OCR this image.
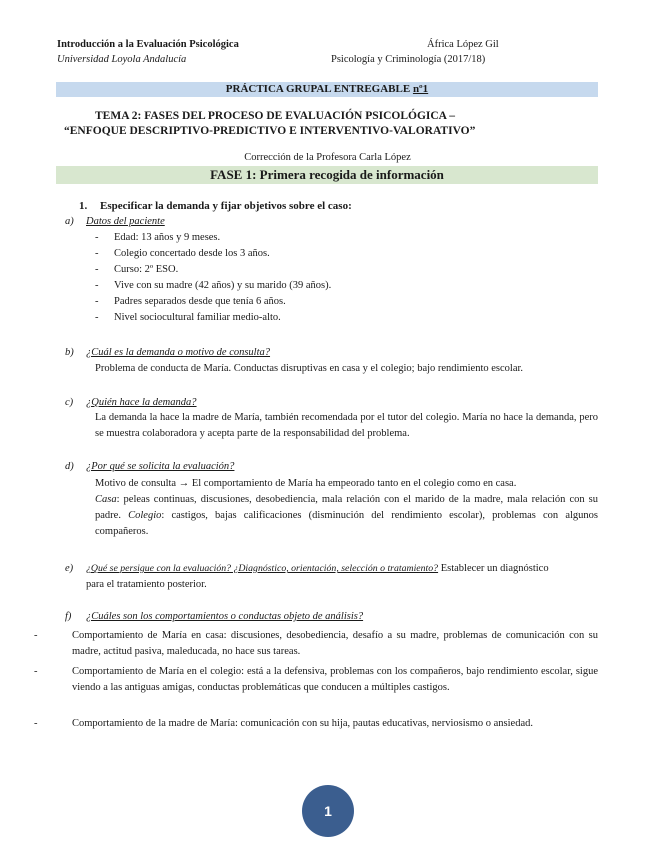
Introducción a la Evaluación Psicológica	África López Gil
Universidad Loyola Andalucía	Psicología y Criminología (2017/18)
PRÁCTICA GRUPAL ENTREGABLE nº1
TEMA 2: FASES DEL PROCESO DE EVALUACIÓN PSICOLÓGICA –
“ENFOQUE DESCRIPTIVO-PREDICTIVO E INTERVENTIVO-VALORATIVO”
Corrección de la Profesora Carla López
FASE 1: Primera recogida de información
1. Especificar la demanda y fijar objetivos sobre el caso:
a) Datos del paciente
- Edad: 13 años y 9 meses.
- Colegio concertado desde los 3 años.
- Curso: 2º ESO.
- Vive con su madre (42 años) y su marido (39 años).
- Padres separados desde que tenía 6 años.
- Nivel sociocultural familiar medio-alto.
b) ¿Cuál es la demanda o motivo de consulta?
Problema de conducta de María. Conductas disruptivas en casa y el colegio; bajo rendimiento escolar.
c) ¿Quién hace la demanda?
La demanda la hace la madre de María, también recomendada por el tutor del colegio. María no hace la demanda, pero se muestra colaboradora y acepta parte de la responsabilidad del problema.
d) ¿Por qué se solicita la evaluación?
Motivo de consulta → El comportamiento de María ha empeorado tanto en el colegio como en casa.
Casa: peleas continuas, discusiones, desobediencia, mala relación con el marido de la madre, mala relación con su padre. Colegio: castigos, bajas calificaciones (disminución del rendimiento escolar), problemas con algunos compañeros.
e) ¿Qué se persigue con la evaluación? ¿Diagnóstico, orientación, selección o tratamiento? Establecer un diagnóstico
para el tratamiento posterior.
f) ¿Cuáles son los comportamientos o conductas objeto de análisis?
-	Comportamiento de María en casa: discusiones, desobediencia, desafío a su madre, problemas de comunicación con su madre, actitud pasiva, maleducada, no hace sus tareas.
-	Comportamiento de María en el colegio: está a la defensiva, problemas con los compañeros, bajo rendimiento escolar, sigue viendo a las antiguas amigas, conductas problemáticas que conducen a múltiples castigos.
-	Comportamiento de la madre de María: comunicación con su hija, pautas educativas, nerviosismo o ansiedad.
1
